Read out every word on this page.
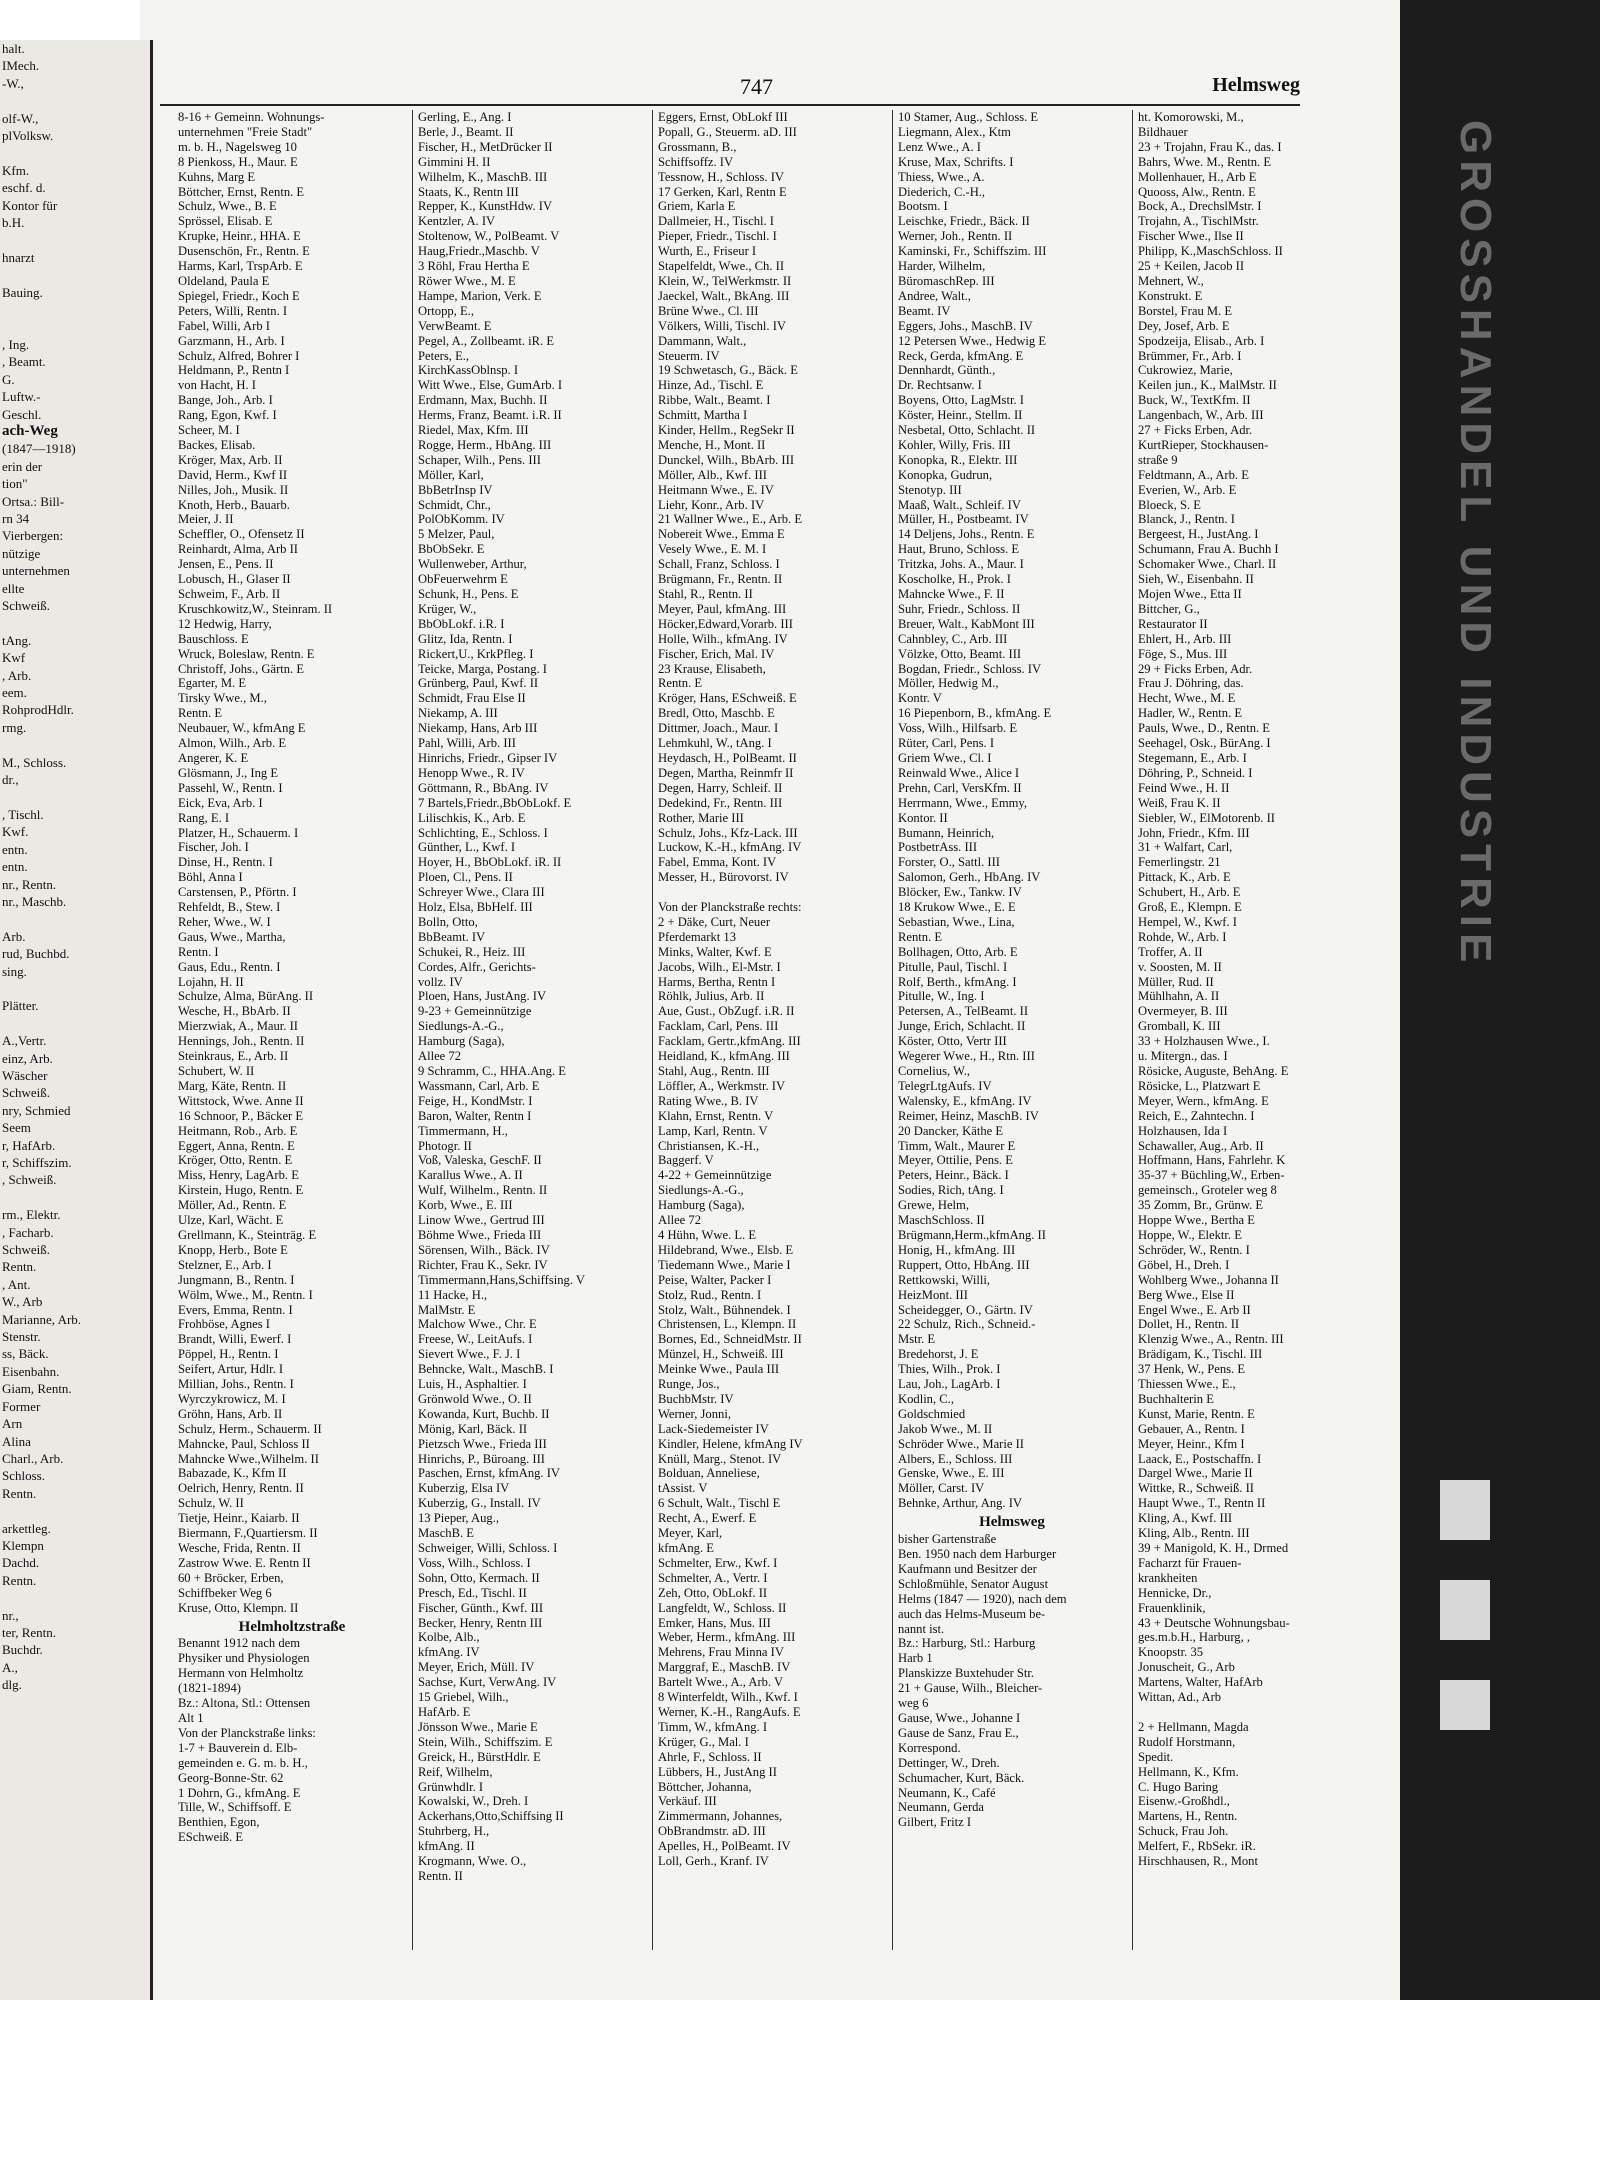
halt.
IMech.
-W.,

olf-W.,
plVolksw.

Kfm.
eschf. d.
Kontor für
b.H.

hnarzt

Bauing.

, Ing.
, Beamt.
G.
Luftw.-
Geschl.
ach-Weg
(1847—1918)
erin der
tion"
Ortsa.: Bill-
rn 34
Vierbergen:
nützige
unternehmen
ellte
Schweiß.

tAng.
Kwf
, Arb.
eem.
RohprodHdlr.
rmg.

M., Schloss.
dr.,

, Tischl.
Kwf.
entn.
entn.
nr., Rentn.
nr., Maschb.

Arb.
rud, Buchbd.
sing.

Plätter.

A.,Vertr.
einz, Arb.
Wäscher
Schweiß.
nry, Schmied
Seem
r, HafArb.
r, Schiffszim.
, Schweiß.

rm., Elektr.
, Facharb.
Schweiß.
Rentn.
, Ant.
W., Arb
Marianne, Arb.
Stenstr.
ss, Bäck.
Eisenbahn.
Giam, Rentn.
Former
Arn
Alina
Charl., Arb.
Schloss.
Rentn.

arkettleg.
Klempn
Dachd.
Rentn.

nr.,
ter, Rentn.
Buchdr.
A.,
dlg.
GROSSHANDEL UND INDUSTRIE
747	Helmsweg
8-16 + Gemeinn. Wohnungs-
unternehmen "Freie Stadt"
m. b. H., Nagelsweg 10
8 Pienkoss, H., Maur. E
Kuhns, Marg E
Böttcher, Ernst, Rentn. E
Schulz, Wwe., B. E
Sprössel, Elisab. E
Krupke, Heinr., HHA. E
Dusenschön, Fr., Rentn. E
Harms, Karl, TrspArb. E
Oldeland, Paula E
Spiegel, Friedr., Koch E
Peters, Willi, Rentn. I
Fabel, Willi, Arb I
Garzmann, H., Arb. I
Schulz, Alfred, Bohrer I
Heldmann, P., Rentn I
von Hacht, H. I
Bange, Joh., Arb. I
Rang, Egon, Kwf. I
Scheer, M. I
Backes, Elisab.
Kröger, Max, Arb. II
David, Herm., Kwf II
Nilles, Joh., Musik. II
Knoth, Herb., Bauarb.
Meier, J. II
Scheffler, O., Ofensetz II
Reinhardt, Alma, Arb II
Jensen, E., Pens. II
Lobusch, H., Glaser II
Schweim, F., Arb. II
Kruschkowitz,W., Steinram. II
12 Hedwig, Harry,
Bauschloss. E
Wruck, Boleslaw, Rentn. E
Christoff, Johs., Gärtn. E
Egarter, M. E
Tirsky Wwe., M.,
Rentn. E
Neubauer, W., kfmAng E
Almon, Wilh., Arb. E
Angerer, K. E
Glösmann, J., Ing E
Passehl, W., Rentn. I
Eick, Eva, Arb. I
Rang, E. I
Platzer, H., Schauerm. I
Fischer, Joh. I
Dinse, H., Rentn. I
Böhl, Anna I
Carstensen, P., Pförtn. I
Rehfeldt, B., Stew. I
Reher, Wwe., W. I
Gaus, Wwe., Martha,
Rentn. I
Gaus, Edu., Rentn. I
Lojahn, H. II
Schulze, Alma, BürAng. II
Wesche, H., BbArb. II
Mierzwiak, A., Maur. II
Hennings, Joh., Rentn. II
Steinkraus, E., Arb. II
Schubert, W. II
Marg, Käte, Rentn. II
Wittstock, Wwe. Anne II
16 Schnoor, P., Bäcker E
Heitmann, Rob., Arb. E
Eggert, Anna, Rentn. E
Kröger, Otto, Rentn. E
Miss, Henry, LagArb. E
Kirstein, Hugo, Rentn. E
Möller, Ad., Rentn. E
Ulze, Karl, Wächt. E
Grellmann, K., Steinträg. E
Knopp, Herb., Bote E
Stelzner, E., Arb. I
Jungmann, B., Rentn. I
Wölm, Wwe., M., Rentn. I
Evers, Emma, Rentn. I
Frohböse, Agnes I
Brandt, Willi, Ewerf. I
Pöppel, H., Rentn. I
Seifert, Artur, Hdlr. I
Millian, Johs., Rentn. I
Wyrczykrowicz, M. I
Gröhn, Hans, Arb. II
Schulz, Herm., Schauerm. II
Mahncke, Paul, Schloss II
Mahncke Wwe.,Wilhelm. II
Babazade, K., Kfm II
Oelrich, Henry, Rentn. II
Schulz, W. II
Tietje, Heinr., Kaiarb. II
Biermann, F.,Quartiersm. II
Wesche, Frida, Rentn. II
Zastrow Wwe. E. Rentn II
60 + Bröcker, Erben,
Schiffbeker Weg 6
Kruse, Otto, Klempn. II
Helmholtzstraße
Benannt 1912 nach dem
Physiker und Physiologen
Hermann von Helmholtz
(1821-1894)
Bz.: Altona, Stl.: Ottensen
Alt 1
Von der Planckstraße links:
1-7 + Bauverein d. Elb-
gemeinden e. G. m. b. H.,
Georg-Bonne-Str. 62
1 Dohrn, G., kfmAng. E
Tille, W., Schiffsoff. E
Benthien, Egon,
ESchweiß. E
Gerling, E., Ang. I
Berle, J., Beamt. II
Fischer, H., MetDrücker II
Gimmini H. II
Wilhelm, K., MaschB. III
Staats, K., Rentn III
Repper, K., KunstHdw. IV
Kentzler, A. IV
Stoltenow, W., PolBeamt. V
Haug,Friedr.,Maschb. V
3 Röhl, Frau Hertha E
Röwer Wwe., M. E
Hampe, Marion, Verk. E
Ortopp, E.,
VerwBeamt. E
Pegel, A., Zollbeamt. iR. E
Peters, E.,
KirchKassOblnsp. I
Witt Wwe., Else, GumArb. I
Erdmann, Max, Buchh. II
Herms, Franz, Beamt. i.R. II
Riedel, Max, Kfm. III
Rogge, Herm., HbAng. III
Schaper, Wilh., Pens. III
Möller, Karl,
BbBetrInsp IV
Schmidt, Chr.,
PolObKomm. IV
5 Melzer, Paul,
BbObSekr. E
Wullenweber, Arthur,
ObFeuerwehrm E
Schunk, H., Pens. E
Krüger, W.,
BbObLokf. i.R. I
Glitz, Ida, Rentn. I
Rickert,U., KrkPfleg. I
Teicke, Marga, Postang. I
Grünberg, Paul, Kwf. II
Schmidt, Frau Else II
Niekamp, A. III
Niekamp, Hans, Arb III
Pahl, Willi, Arb. III
Hinrichs, Friedr., Gipser IV
Henopp Wwe., R. IV
Göttmann, R., BbAng. IV
7 Bartels,Friedr.,BbObLokf. E
Lilischkis, K., Arb. E
Schlichting, E., Schloss. I
Günther, L., Kwf. I
Hoyer, H., BbObLokf. iR. II
Ploen, Cl., Pens. II
Schreyer Wwe., Clara III
Holz, Elsa, BbHelf. III
Bolln, Otto,
BbBeamt. IV
Schukei, R., Heiz. III
Cordes, Alfr., Gerichts-
vollz. IV
Ploen, Hans, JustAng. IV
9-23 + Gemeinnützige
Siedlungs-A.-G.,
Hamburg (Saga),
Allee 72
9 Schramm, C., HHA.Ang. E
Wassmann, Carl, Arb. E
Feige, H., KondMstr. I
Baron, Walter, Rentn I
Timmermann, H.,
Photogr. II
Voß, Valeska, GeschF. II
Karallus Wwe., A. II
Wulf, Wilhelm., Rentn. II
Korb, Wwe., E. III
Linow Wwe., Gertrud III
Böhme Wwe., Frieda III
Sörensen, Wilh., Bäck. IV
Richter, Frau K., Sekr. IV
Timmermann,Hans,Schiffsing. V
11 Hacke, H.,
MalMstr. E
Malchow Wwe., Chr. E
Freese, W., LeitAufs. I
Sievert Wwe., F. J. I
Behncke, Walt., MaschB. I
Luis, H., Asphaltier. I
Grönwold Wwe., O. II
Kowanda, Kurt, Buchb. II
Mönig, Karl, Bäck. II
Pietzsch Wwe., Frieda III
Hinrichs, P., Büroang. III
Paschen, Ernst, kfmAng. IV
Kuberzig, Elsa IV
Kuberzig, G., Install. IV
13 Pieper, Aug.,
MaschB. E
Schweiger, Willi, Schloss. I
Voss, Wilh., Schloss. I
Sohn, Otto, Kermach. II
Presch, Ed., Tischl. II
Fischer, Günth., Kwf. III
Becker, Henry, Rentn III
Kolbe, Alb.,
kfmAng. IV
Meyer, Erich, Müll. IV
Sachse, Kurt, VerwAng. IV
15 Griebel, Wilh.,
HafArb. E
Jönsson Wwe., Marie E
Stein, Wilh., Schiffszim. E
Greick, H., BürstHdlr. E
Reif, Wilhelm,
Grünwhdlr. I
Kowalski, W., Dreh. I
Ackerhans,Otto,Schiffsing II
Stuhrberg, H.,
kfmAng. II
Krogmann, Wwe. O.,
Rentn. II
Eggers, Ernst, ObLokf III
Popall, G., Steuerm. aD. III
Grossmann, B.,
Schiffsoffz. IV
Tessnow, H., Schloss. IV
17 Gerken, Karl, Rentn E
Griem, Karla E
Dallmeier, H., Tischl. I
Pieper, Friedr., Tischl. I
Wurth, E., Friseur I
Stapelfeldt, Wwe., Ch. II
Klein, W., TelWerkmstr. II
Jaeckel, Walt., BkAng. III
Brüne Wwe., Cl. III
Völkers, Willi, Tischl. IV
Dammann, Walt.,
Steuerm. IV
19 Schwetasch, G., Bäck. E
Hinze, Ad., Tischl. E
Ribbe, Walt., Beamt. I
Schmitt, Martha I
Kinder, Hellm., RegSekr II
Menche, H., Mont. II
Dunckel, Wilh., BbArb. III
Möller, Alb., Kwf. III
Heitmann Wwe., E. IV
Liehr, Konr., Arb. IV
21 Wallner Wwe., E., Arb. E
Nobereit Wwe., Emma E
Vesely Wwe., E. M. I
Schall, Franz, Schloss. I
Brügmann, Fr., Rentn. II
Stahl, R., Rentn. II
Meyer, Paul, kfmAng. III
Höcker,Edward,Vorarb. III
Holle, Wilh., kfmAng. IV
Fischer, Erich, Mal. IV
23 Krause, Elisabeth,
Rentn. E
Kröger, Hans, ESchweiß. E
Bredl, Otto, Maschb. E
Dittmer, Joach., Maur. I
Lehmkuhl, W., tAng. I
Heydasch, H., PolBeamt. II
Degen, Martha, Reinmfr II
Degen, Harry, Schleif. II
Dedekind, Fr., Rentn. III
Rother, Marie III
Schulz, Johs., Kfz-Lack. III
Luckow, K.-H., kfmAng. IV
Fabel, Emma, Kont. IV
Messer, H., Bürovorst. IV

Von der Planckstraße rechts:
2 + Däke, Curt, Neuer
Pferdemarkt 13
Minks, Walter, Kwf. E
Jacobs, Wilh., El-Mstr. I
Harms, Bertha, Rentn I
Röhlk, Julius, Arb. II
Aue, Gust., ObZugf. i.R. II
Facklam, Carl, Pens. III
Facklam, Gertr.,kfmAng. III
Heidland, K., kfmAng. III
Stahl, Aug., Rentn. III
Löffler, A., Werkmstr. IV
Rating Wwe., B. IV
Klahn, Ernst, Rentn. V
Lamp, Karl, Rentn. V
Christiansen, K.-H.,
Baggerf. V
4-22 + Gemeinnützige
Siedlungs-A.-G.,
Hamburg (Saga),
Allee 72
4 Hühn, Wwe. L. E
Hildebrand, Wwe., Elsb. E
Tiedemann Wwe., Marie I
Peise, Walter, Packer I
Stolz, Rud., Rentn. I
Stolz, Walt., Bühnendek. I
Christensen, L., Klempn. II
Bornes, Ed., SchneidMstr. II
Münzel, H., Schweiß. III
Meinke Wwe., Paula III
Runge, Jos.,
BuchbMstr. IV
Werner, Jonni,
Lack-Siedemeister IV
Kindler, Helene, kfmAng IV
Knüll, Marg., Stenot. IV
Bolduan, Anneliese,
tAssist. V
6 Schult, Walt., Tischl E
Recht, A., Ewerf. E
Meyer, Karl,
kfmAng. E
Schmelter, Erw., Kwf. I
Schmelter, A., Vertr. I
Zeh, Otto, ObLokf. II
Langfeldt, W., Schloss. II
Emker, Hans, Mus. III
Weber, Herm., kfmAng. III
Mehrens, Frau Minna IV
Marggraf, E., MaschB. IV
Bartelt Wwe., A., Arb. V
8 Winterfeldt, Wilh., Kwf. I
Werner, K.-H., RangAufs. E
Timm, W., kfmAng. I
Krüger, G., Mal. I
Ahrle, F., Schloss. II
Lübbers, H., JustAng II
Böttcher, Johanna,
Verkäuf. III
Zimmermann, Johannes,
ObBrandmstr. aD. III
Apelles, H., PolBeamt. IV
Loll, Gerh., Kranf. IV
10 Stamer, Aug., Schloss. E
Liegmann, Alex., Ktm
Lenz Wwe., A. I
Kruse, Max, Schrifts. I
Thiess, Wwe., A.
Diederich, C.-H.,
Bootsm. I
Leischke, Friedr., Bäck. II
Werner, Joh., Rentn. II
Kaminski, Fr., Schiffszim. III
Harder, Wilhelm,
BüromaschRep. III
Andree, Walt.,
Beamt. IV
Eggers, Johs., MaschB. IV
12 Petersen Wwe., Hedwig E
Reck, Gerda, kfmAng. E
Dennhardt, Günth.,
Dr. Rechtsanw. I
Boyens, Otto, LagMstr. I
Köster, Heinr., Stellm. II
Nesbetal, Otto, Schlacht. II
Kohler, Willy, Fris. III
Konopka, R., Elektr. III
Konopka, Gudrun,
Stenotyp. III
Maaß, Walt., Schleif. IV
Müller, H., Postbeamt. IV
14 Deljens, Johs., Rentn. E
Haut, Bruno, Schloss. E
Tritzka, Johs. A., Maur. I
Koscholke, H., Prok. I
Mahncke Wwe., F. II
Suhr, Friedr., Schloss. II
Breuer, Walt., KabMont III
Cahnbley, C., Arb. III
Völzke, Otto, Beamt. III
Bogdan, Friedr., Schloss. IV
Möller, Hedwig M.,
Kontr. V
16 Piepenborn, B., kfmAng. E
Voss, Wilh., Hilfsarb. E
Rüter, Carl, Pens. I
Griem Wwe., Cl. I
Reinwald Wwe., Alice I
Prehn, Carl, VersKfm. II
Herrmann, Wwe., Emmy,
Kontor. II
Bumann, Heinrich,
PostbetrAss. III
Forster, O., Sattl. III
Salomon, Gerh., HbAng. IV
Blöcker, Ew., Tankw. IV
18 Krukow Wwe., E. E
Sebastian, Wwe., Lina,
Rentn. E
Bollhagen, Otto, Arb. E
Pitulle, Paul, Tischl. I
Rolf, Berth., kfmAng. I
Pitulle, W., Ing. I
Petersen, A., TelBeamt. II
Junge, Erich, Schlacht. II
Köster, Otto, Vertr III
Wegerer Wwe., H., Rtn. III
Cornelius, W.,
TelegrLtgAufs. IV
Walensky, E., kfmAng. IV
Reimer, Heinz, MaschB. IV
20 Dancker, Käthe E
Timm, Walt., Maurer E
Meyer, Ottilie, Pens. E
Peters, Heinr., Bäck. I
Sodies, Rich, tAng. I
Grewe, Helm,
MaschSchloss. II
Brügmann,Herm.,kfmAng. II
Honig, H., kfmAng. III
Ruppert, Otto, HbAng. III
Rettkowski, Willi,
HeizMont. III
Scheidegger, O., Gärtn. IV
22 Schulz, Rich., Schneid.-
Mstr. E
Bredehorst, J. E
Thies, Wilh., Prok. I
Lau, Joh., LagArb. I
Kodlin, C.,
Goldschmied
Jakob Wwe., M. II
Schröder Wwe., Marie II
Albers, E., Schloss. III
Genske, Wwe., E. III
Möller, Carst. IV
Behnke, Arthur, Ang. IV
Helmsweg
bisher Gartenstraße
Ben. 1950 nach dem Harburger
Kaufmann und Besitzer der
Schloßmühle, Senator August
Helms (1847 — 1920), nach dem
auch das Helms-Museum be-
nannt ist.
Bz.: Harburg, Stl.: Harburg
Harb 1
Planskizze Buxtehuder Str.
21 + Gause, Wilh., Bleicher-
weg 6
Gause, Wwe., Johanne I
Gause de Sanz, Frau E.,
Korrespond.
Dettinger, W., Dreh.
Schumacher, Kurt, Bäck.
Neumann, K., Café
Neumann, Gerda
Gilbert, Fritz I
ht. Komorowski, M.,
Bildhauer
23 + Trojahn, Frau K., das. I
Bahrs, Wwe. M., Rentn. E
Mollenhauer, H., Arb E
Quooss, Alw., Rentn. E
Bock, A., DrechslMstr. I
Trojahn, A., TischlMstr.
Fischer Wwe., Ilse II
Philipp, K.,MaschSchloss. II
25 + Keilen, Jacob II
Mehnert, W.,
Konstrukt. E
Borstel, Frau M. E
Dey, Josef, Arb. E
Spodzeija, Elisab., Arb. I
Brümmer, Fr., Arb. I
Cukrowiez, Marie,
Keilen jun., K., MalMstr. II
Buck, W., TextKfm. II
Langenbach, W., Arb. III
27 + Ficks Erben, Adr.
KurtRieper, Stockhausen-
straße 9
Feldtmann, A., Arb. E
Everien, W., Arb. E
Bloeck, S. E
Blanck, J., Rentn. I
Bergeest, H., JustAng. I
Schumann, Frau A. Buchh I
Schomaker Wwe., Charl. II
Sieh, W., Eisenbahn. II
Mojen Wwe., Etta II
Bittcher, G.,
Restaurator II
Ehlert, H., Arb. III
Föge, S., Mus. III
29 + Ficks Erben, Adr.
Frau J. Döhring, das.
Hecht, Wwe., M. E
Hadler, W., Rentn. E
Pauls, Wwe., D., Rentn. E
Seehagel, Osk., BürAng. I
Stegemann, E., Arb. I
Döhring, P., Schneid. I
Feind Wwe., H. II
Weiß, Frau K. II
Siebler, W., ElMotorenb. II
John, Friedr., Kfm. III
31 + Walfart, Carl,
Femerlingstr. 21
Pittack, K., Arb. E
Schubert, H., Arb. E
Groß, E., Klempn. E
Hempel, W., Kwf. I
Rohde, W., Arb. I
Troffer, A. II
v. Soosten, M. II
Müller, Rud. II
Mühlhahn, A. II
Overmeyer, B. III
Gromball, K. III
33 + Holzhausen Wwe., I.
u. Mitergn., das. I
Rösicke, Auguste, BehAng. E
Rösicke, L., Platzwart E
Meyer, Wern., kfmAng. E
Reich, E., Zahntechn. I
Holzhausen, Ida I
Schawaller, Aug., Arb. II
Hoffmann, Hans, Fahrlehr. K
35-37 + Büchling,W., Erben-
gemeinsch., Groteler weg 8
35 Zomm, Br., Grünw. E
Hoppe Wwe., Bertha E
Hoppe, W., Elektr. E
Schröder, W., Rentn. I
Göbel, H., Dreh. I
Wohlberg Wwe., Johanna II
Berg Wwe., Else II
Engel Wwe., E. Arb II
Dollet, H., Rentn. II
Klenzig Wwe., A., Rentn. III
Brädigam, K., Tischl. III
37 Henk, W., Pens. E
Thiessen Wwe., E.,
Buchhalterin E
Kunst, Marie, Rentn. E
Gebauer, A., Rentn. I
Meyer, Heinr., Kfm I
Laack, E., Postschaffn. I
Dargel Wwe., Marie II
Wittke, R., Schweiß. II
Haupt Wwe., T., Rentn II
Kling, A., Kwf. III
Kling, Alb., Rentn. III
39 + Manigold, K. H., Drmed
Facharzt für Frauen-
krankheiten
Hennicke, Dr.,
Frauenklinik,
43 + Deutsche Wohnungsbau-
ges.m.b.H., Harburg, ,
Knoopstr. 35
Jonuscheit, G., Arb
Martens, Walter, HafArb
Wittan, Ad., Arb

2 + Hellmann, Magda
Rudolf Horstmann,
Spedit.
Hellmann, K., Kfm.
C. Hugo Baring
Eisenw.-Großhdl.,
Martens, H., Rentn.
Schuck, Frau Joh.
Melfert, F., RbSekr. iR.
Hirschhausen, R., Mont
